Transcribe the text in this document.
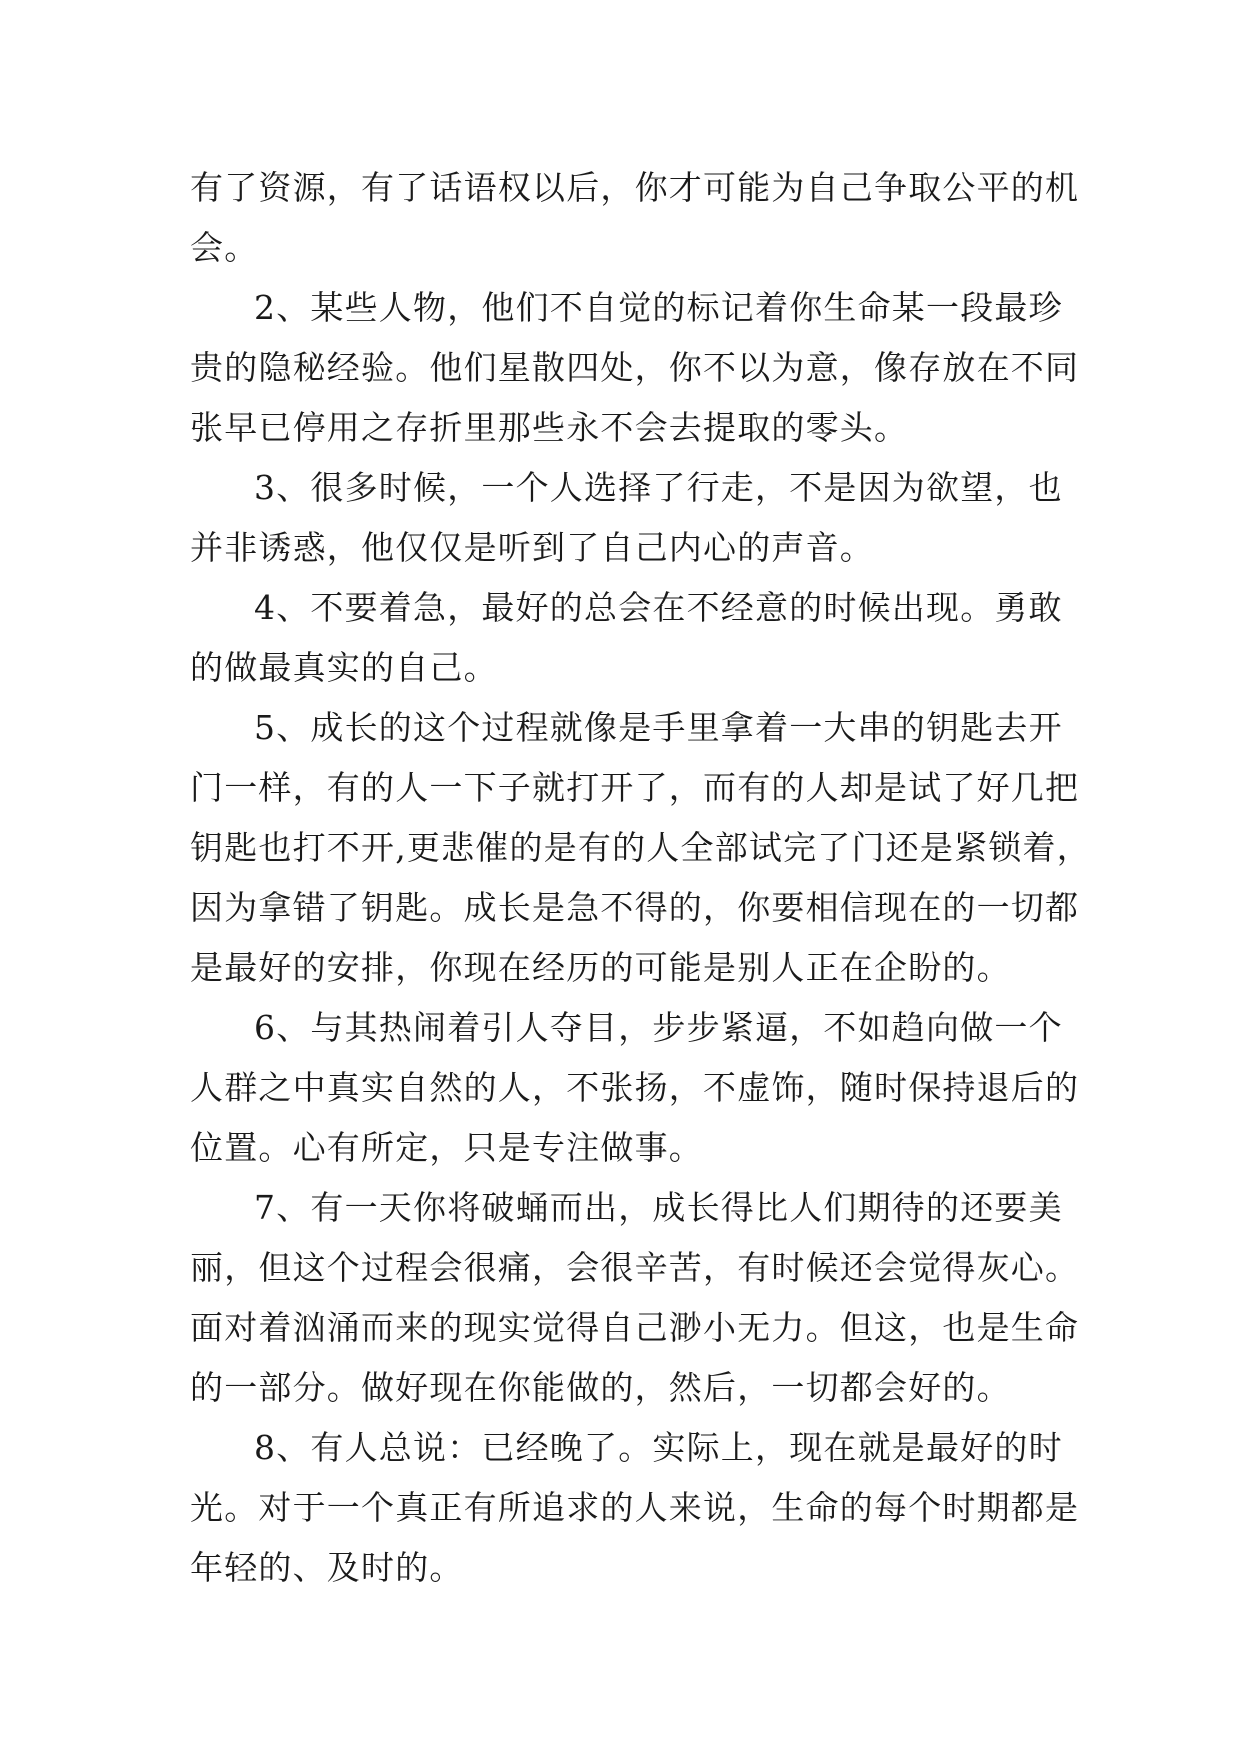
有了资源，有了话语权以后，你才可能为自己争取公平的机
会。
2、某些人物，他们不自觉的标记着你生命某一段最珍
贵的隐秘经验。他们星散四处，你不以为意，像存放在不同
张早已停用之存折里那些永不会去提取的零头。
3、很多时候，一个人选择了行走，不是因为欲望，也
并非诱惑，他仅仅是听到了自己内心的声音。
4、不要着急，最好的总会在不经意的时候出现。勇敢
的做最真实的自己。
5、成长的这个过程就像是手里拿着一大串的钥匙去开
门一样，有的人一下子就打开了，而有的人却是试了好几把
钥匙也打不开,更悲催的是有的人全部试完了门还是紧锁着，
因为拿错了钥匙。成长是急不得的，你要相信现在的一切都
是最好的安排，你现在经历的可能是别人正在企盼的。
6、与其热闹着引人夺目，步步紧逼，不如趋向做一个
人群之中真实自然的人，不张扬，不虚饰，随时保持退后的
位置。心有所定，只是专注做事。
7、有一天你将破蛹而出，成长得比人们期待的还要美
丽，但这个过程会很痛，会很辛苦，有时候还会觉得灰心。
面对着汹涌而来的现实觉得自己渺小无力。但这，也是生命
的一部分。做好现在你能做的，然后，一切都会好的。
8、有人总说：已经晚了。实际上，现在就是最好的时
光。对于一个真正有所追求的人来说，生命的每个时期都是
年轻的、及时的。
